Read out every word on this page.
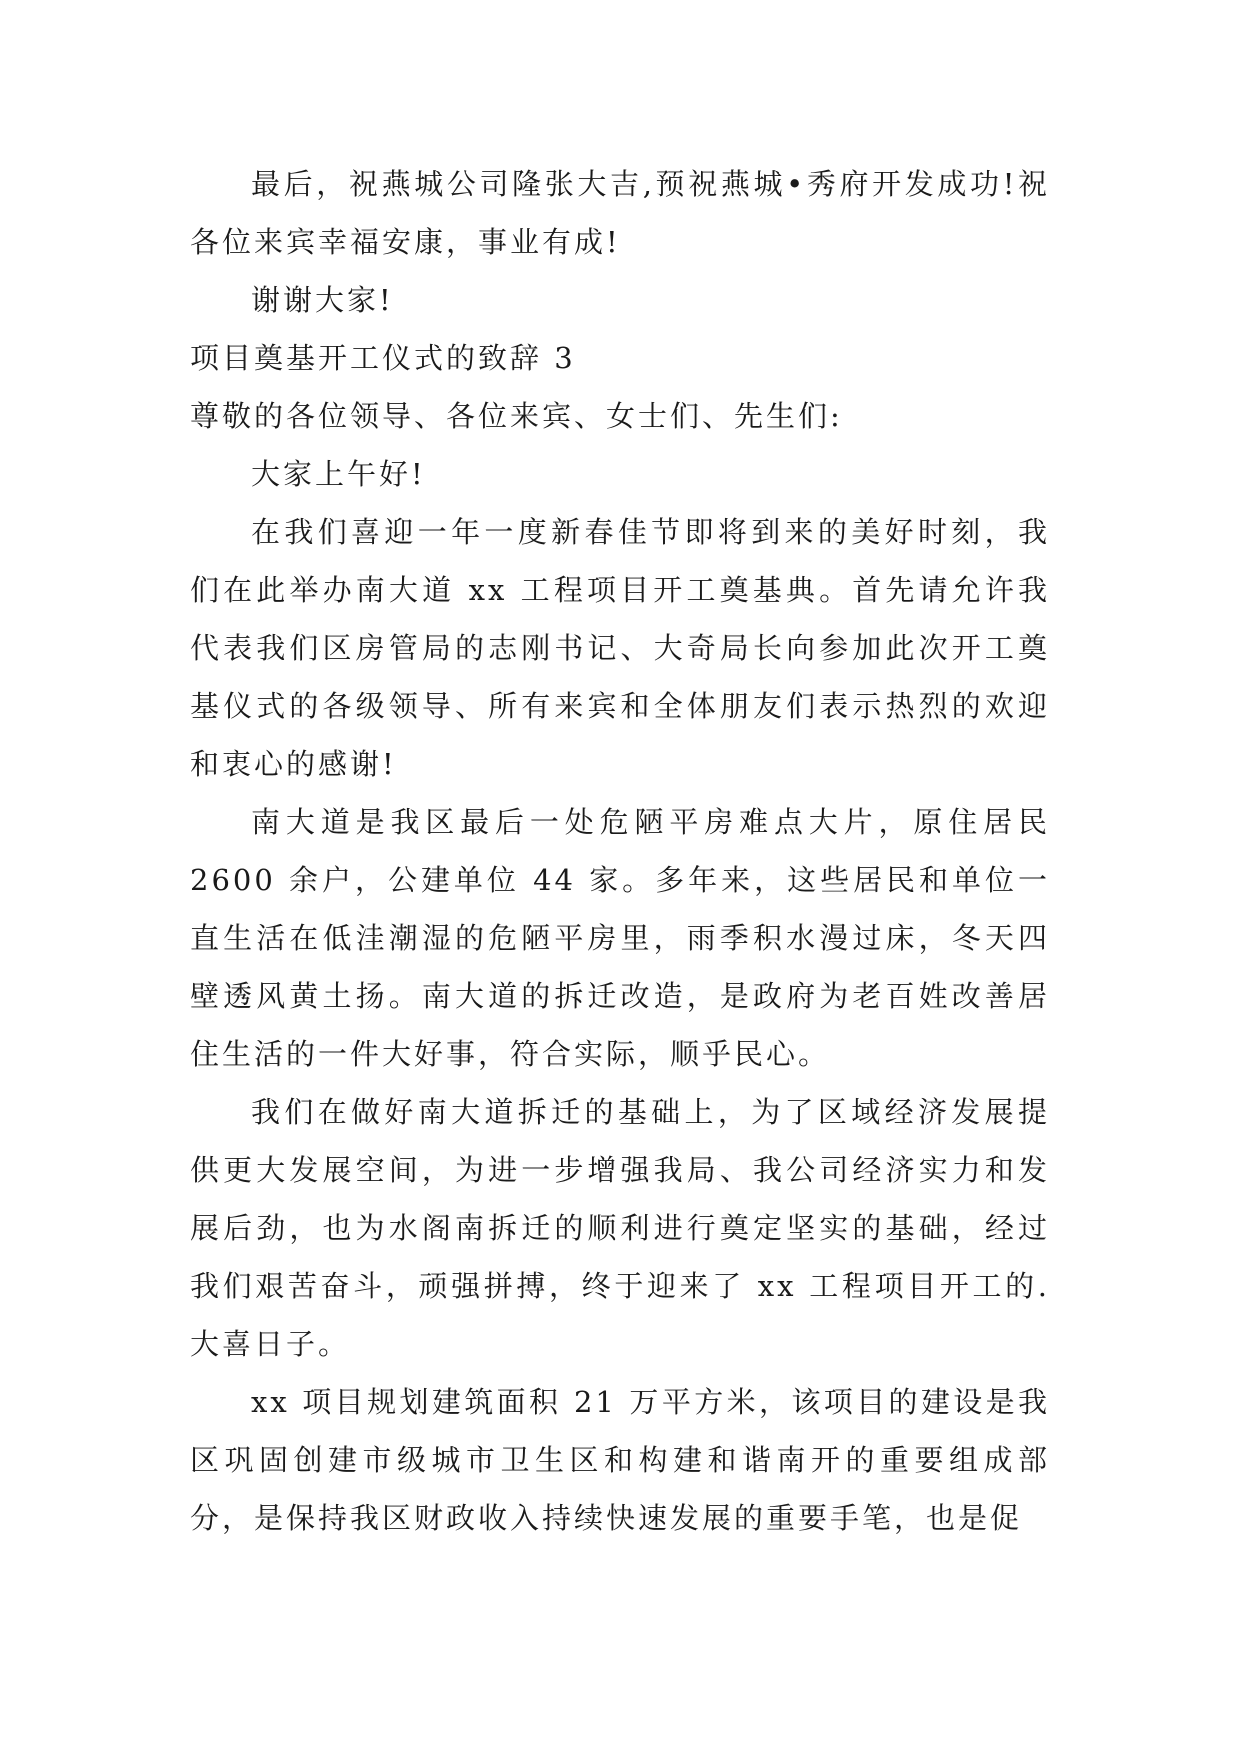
最后，祝燕城公司隆张大吉,预祝燕城•秀府开发成功!祝各位来宾幸福安康，事业有成!

谢谢大家!

项目奠基开工仪式的致辞 3

尊敬的各位领导、各位来宾、女士们、先生们:

大家上午好!

在我们喜迎一年一度新春佳节即将到来的美好时刻，我们在此举办南大道 xx 工程项目开工奠基典。首先请允许我代表我们区房管局的志刚书记、大奇局长向参加此次开工奠基仪式的各级领导、所有来宾和全体朋友们表示热烈的欢迎和衷心的感谢!

南大道是我区最后一处危陋平房难点大片，原住居民2600 余户，公建单位 44 家。多年来，这些居民和单位一直生活在低洼潮湿的危陋平房里，雨季积水漫过床，冬天四壁透风黄土扬。南大道的拆迁改造，是政府为老百姓改善居住生活的一件大好事，符合实际，顺乎民心。

我们在做好南大道拆迁的基础上，为了区域经济发展提供更大发展空间，为进一步增强我局、我公司经济实力和发展后劲，也为水阁南拆迁的顺利进行奠定坚实的基础，经过我们艰苦奋斗，顽强拼搏，终于迎来了 xx 工程项目开工的.大喜日子。

xx 项目规划建筑面积 21 万平方米，该项目的建设是我区巩固创建市级城市卫生区和构建和谐南开的重要组成部分，是保持我区财政收入持续快速发展的重要手笔，也是促
